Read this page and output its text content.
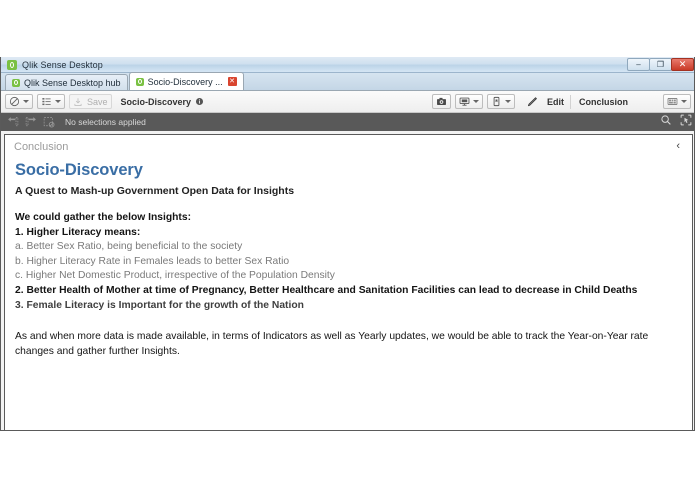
Qlik Sense Desktop	–	❐	✕
Qlik Sense Desktop hub	Socio-Discovery ... ✕
Save Socio-Discovery	Edit Conclusion
No selections applied
Conclusion	‹
Socio-Discovery
A Quest to Mash-up Government Open Data for Insights
We could gather the below Insights:
1. Higher Literacy means:
a. Better Sex Ratio, being beneficial to the society
b. Higher Literacy Rate in Females leads to better Sex Ratio
c. Higher Net Domestic Product, irrespective of the Population Density
2. Better Health of Mother at time of Pregnancy, Better Healthcare and Sanitation Facilities can lead to decrease in Child Deaths
3. Female Literacy is Important for the growth of the Nation
As and when more data is made available, in terms of Indicators as well as Yearly updates, we would be able to track the Year-on-Year rate changes and gather further Insights.
